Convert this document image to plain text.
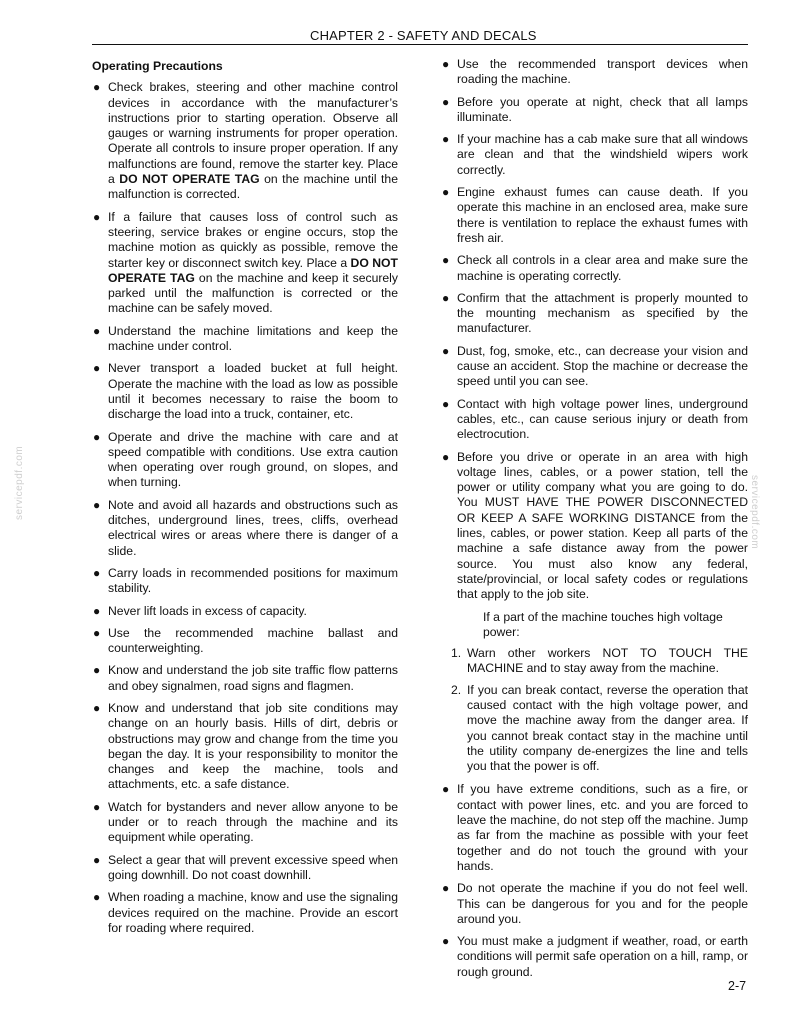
CHAPTER 2 - SAFETY AND DECALS
servicepdf.com	servicepdf.com
Operating Precautions
● Check brakes, steering and other machine control devices in accordance with the manufacturer’s instructions prior to starting operation. Observe all gauges or warning instruments for proper operation. Operate all controls to insure proper operation. If any malfunctions are found, remove the starter key. Place a DO NOT OPERATE TAG on the machine until the malfunction is corrected.
● If a failure that causes loss of control such as steering, service brakes or engine occurs, stop the machine motion as quickly as possible, remove the starter key or disconnect switch key. Place a DO NOT OPERATE TAG on the machine and keep it securely parked until the malfunction is corrected or the machine can be safely moved.
● Understand the machine limitations and keep the machine under control.
● Never transport a loaded bucket at full height. Operate the machine with the load as low as possible until it becomes necessary to raise the boom to discharge the load into a truck, container, etc.
● Operate and drive the machine with care and at speed compatible with conditions. Use extra caution when operating over rough ground, on slopes, and when turning.
● Note and avoid all hazards and obstructions such as ditches, underground lines, trees, cliffs, overhead electrical wires or areas where there is danger of a slide.
● Carry loads in recommended positions for maximum stability.
● Never lift loads in excess of capacity.
● Use the recommended machine ballast and counterweighting.
● Know and understand the job site traffic flow patterns and obey signalmen, road signs and flagmen.
● Know and understand that job site conditions may change on an hourly basis. Hills of dirt, debris or obstructions may grow and change from the time you began the day. It is your responsibility to monitor the changes and keep the machine, tools and attachments, etc. a safe distance.
● Watch for bystanders and never allow anyone to be under or to reach through the machine and its equipment while operating.
● Select a gear that will prevent excessive speed when going downhill. Do not coast downhill.
● When roading a machine, know and use the signaling devices required on the machine. Provide an escort for roading where required.
● Use the recommended transport devices when roading the machine.
● Before you operate at night, check that all lamps illuminate.
● If your machine has a cab make sure that all windows are clean and that the windshield wipers work correctly.
● Engine exhaust fumes can cause death. If you operate this machine in an enclosed area, make sure there is ventilation to replace the exhaust fumes with fresh air.
● Check all controls in a clear area and make sure the machine is operating correctly.
● Confirm that the attachment is properly mounted to the mounting mechanism as specified by the manufacturer.
● Dust, fog, smoke, etc., can decrease your vision and cause an accident. Stop the machine or decrease the speed until you can see.
● Contact with high voltage power lines, underground cables, etc., can cause serious injury or death from electrocution.
● Before you drive or operate in an area with high voltage lines, cables, or a power station, tell the power or utility company what you are going to do. You MUST HAVE THE POWER DISCONNECTED OR KEEP A SAFE WORKING DISTANCE from the lines, cables, or power station. Keep all parts of the machine a safe distance away from the power source. You must also know any federal, state/provincial, or local safety codes or regulations that apply to the job site.
If a part of the machine touches high voltage power:
1. Warn other workers NOT TO TOUCH THE MACHINE and to stay away from the machine.
2. If you can break contact, reverse the operation that caused contact with the high voltage power, and move the machine away from the danger area. If you cannot break contact stay in the machine until the utility company de-energizes the line and tells you that the power is off.
● If you have extreme conditions, such as a fire, or contact with power lines, etc. and you are forced to leave the machine, do not step off the machine. Jump as far from the machine as possible with your feet together and do not touch the ground with your hands.
● Do not operate the machine if you do not feel well. This can be dangerous for you and for the people around you.
● You must make a judgment if weather, road, or earth conditions will permit safe operation on a hill, ramp, or rough ground.
2-7
